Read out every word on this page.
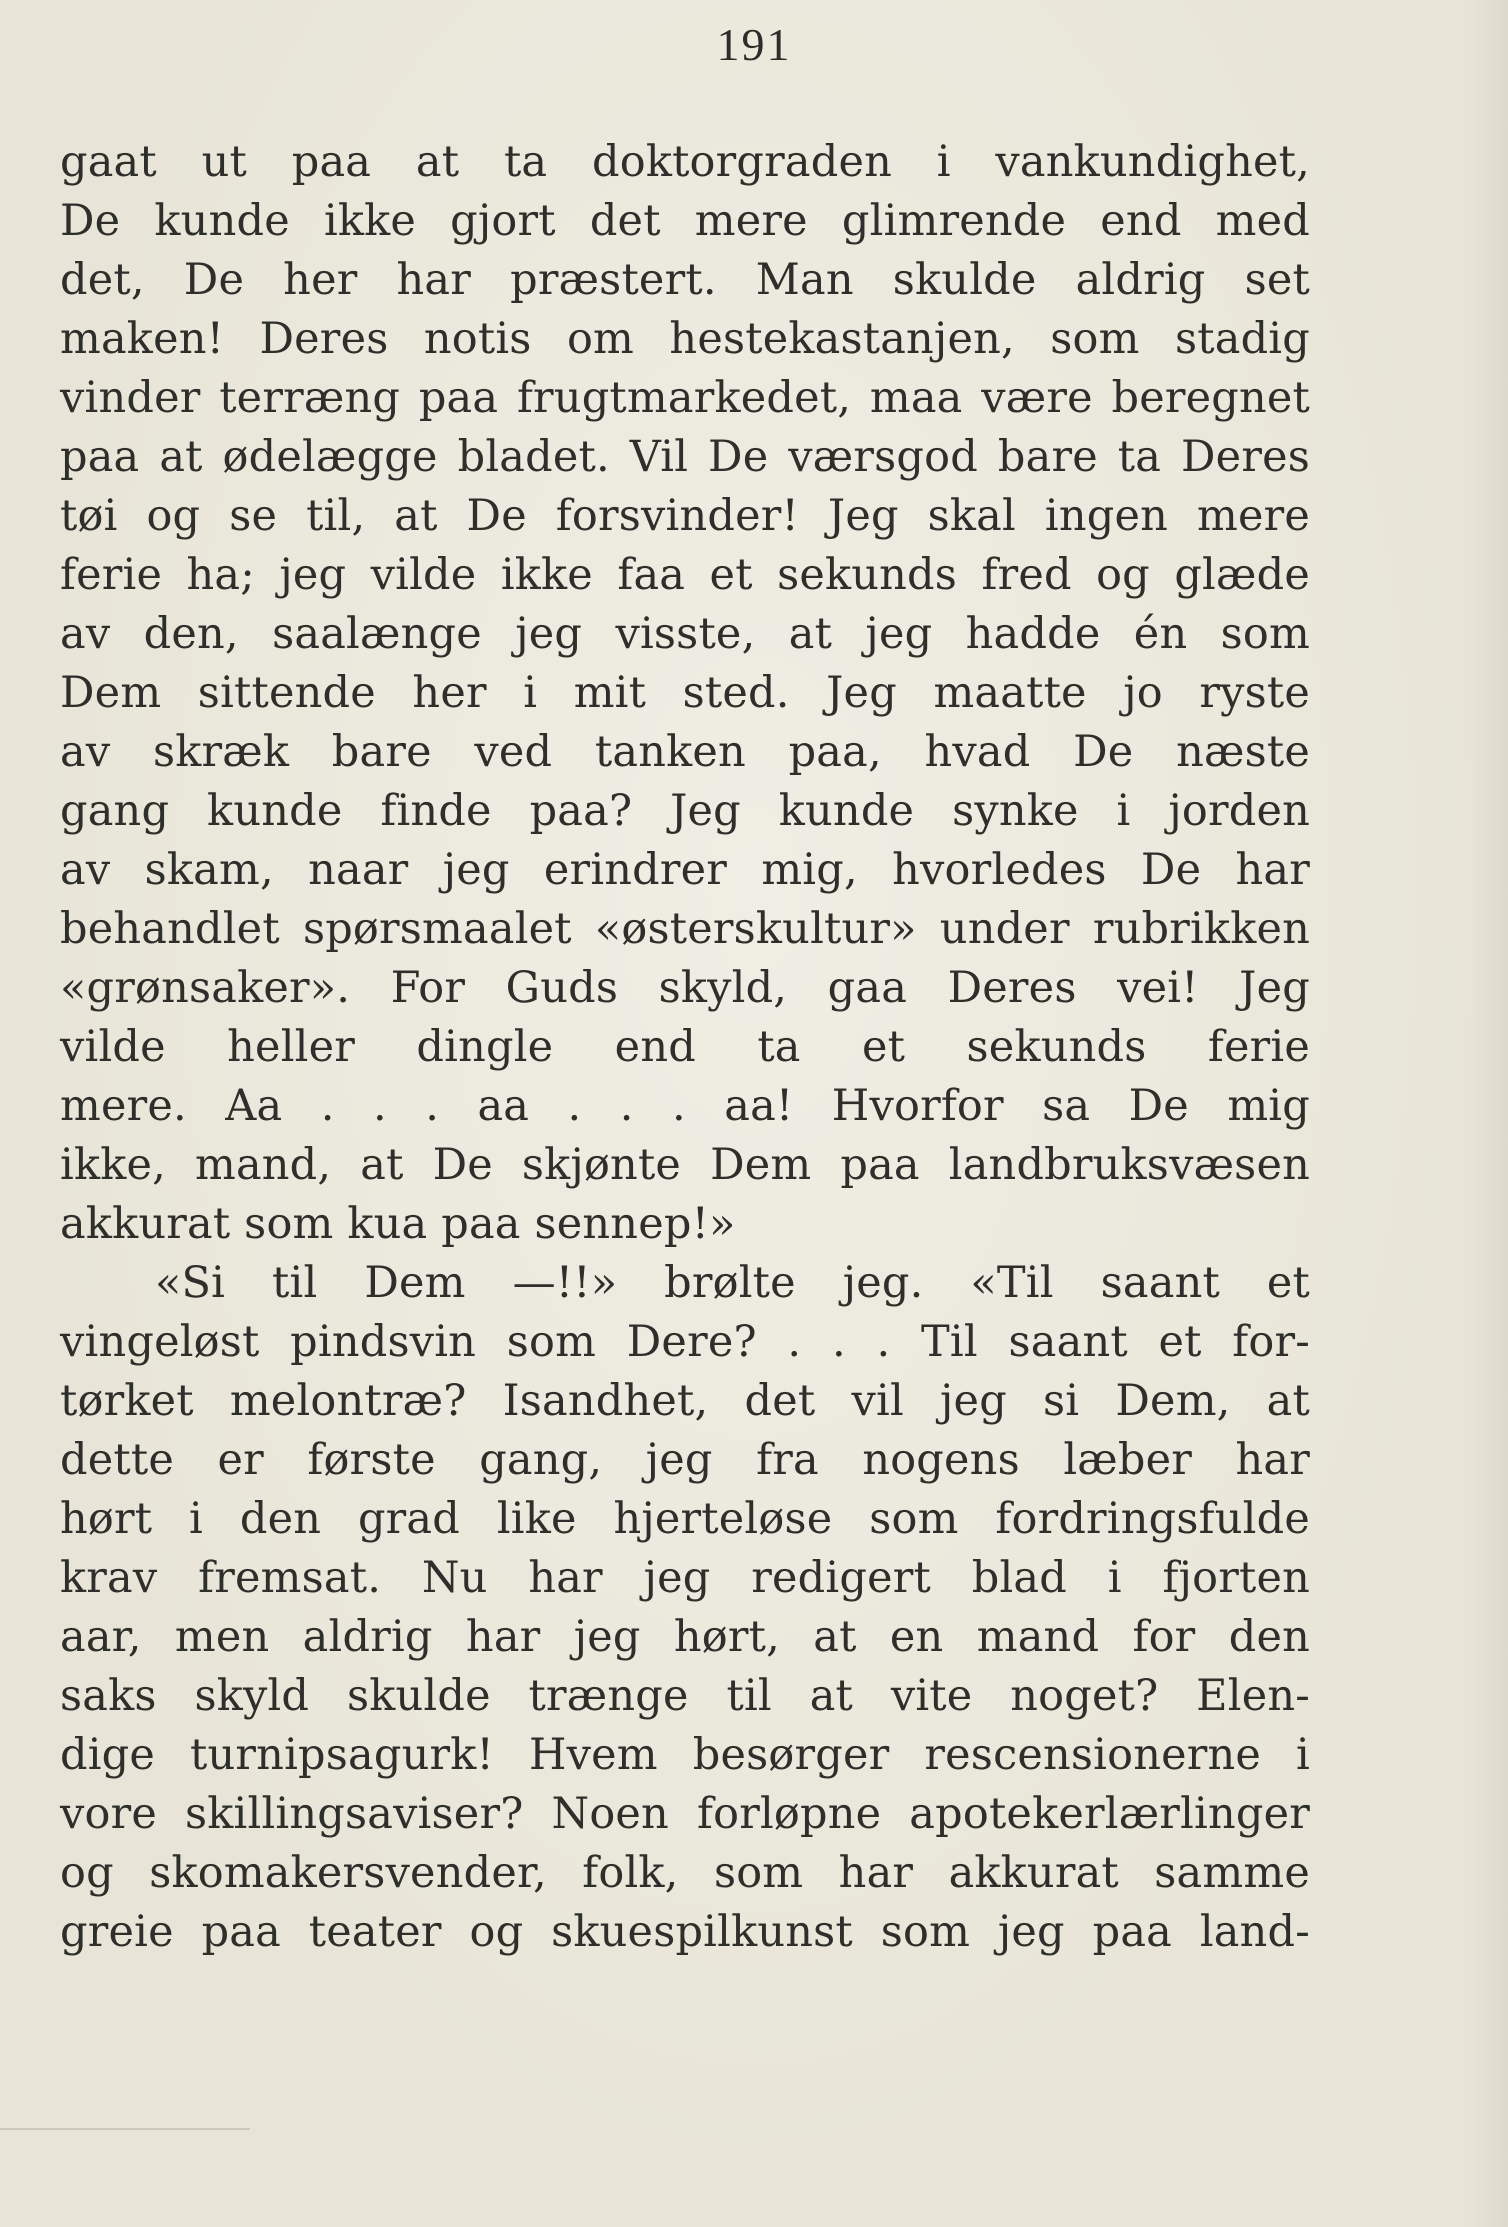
191
gaat ut paa at ta doktorgraden i vankundighet,
De kunde ikke gjort det mere glimrende end med
det, De her har præstert. Man skulde aldrig set
maken! Deres notis om hestekastanjen, som stadig
vinder terræng paa frugtmarkedet, maa være beregnet
paa at ødelægge bladet. Vil De værsgod bare ta Deres
tøi og se til, at De forsvinder! Jeg skal ingen mere
ferie ha; jeg vilde ikke faa et sekunds fred og glæde
av den, saalænge jeg visste, at jeg hadde én som
Dem sittende her i mit sted. Jeg maatte jo ryste
av skræk bare ved tanken paa, hvad De næste
gang kunde finde paa? Jeg kunde synke i jorden
av skam, naar jeg erindrer mig, hvorledes De har
behandlet spørsmaalet «østerskultur» under rubrikken
«grønsaker». For Guds skyld, gaa Deres vei! Jeg
vilde heller dingle end ta et sekunds ferie
mere. Aa . . . aa . . . aa! Hvorfor sa De mig
ikke, mand, at De skjønte Dem paa landbruksvæsen
akkurat som kua paa sennep!»
«Si til Dem —!!» brølte jeg. «Til saant et
vingeløst pindsvin som Dere? . . . Til saant et for-
tørket melontræ? Isandhet, det vil jeg si Dem, at
dette er første gang, jeg fra nogens læber har
hørt i den grad like hjerteløse som fordringsfulde
krav fremsat. Nu har jeg redigert blad i fjorten
aar, men aldrig har jeg hørt, at en mand for den
saks skyld skulde trænge til at vite noget? Elen-
dige turnipsagurk! Hvem besørger rescensionerne i
vore skillingsaviser? Noen forløpne apotekerlærlinger
og skomakersvender, folk, som har akkurat samme
greie paa teater og skuespilkunst som jeg paa land-
